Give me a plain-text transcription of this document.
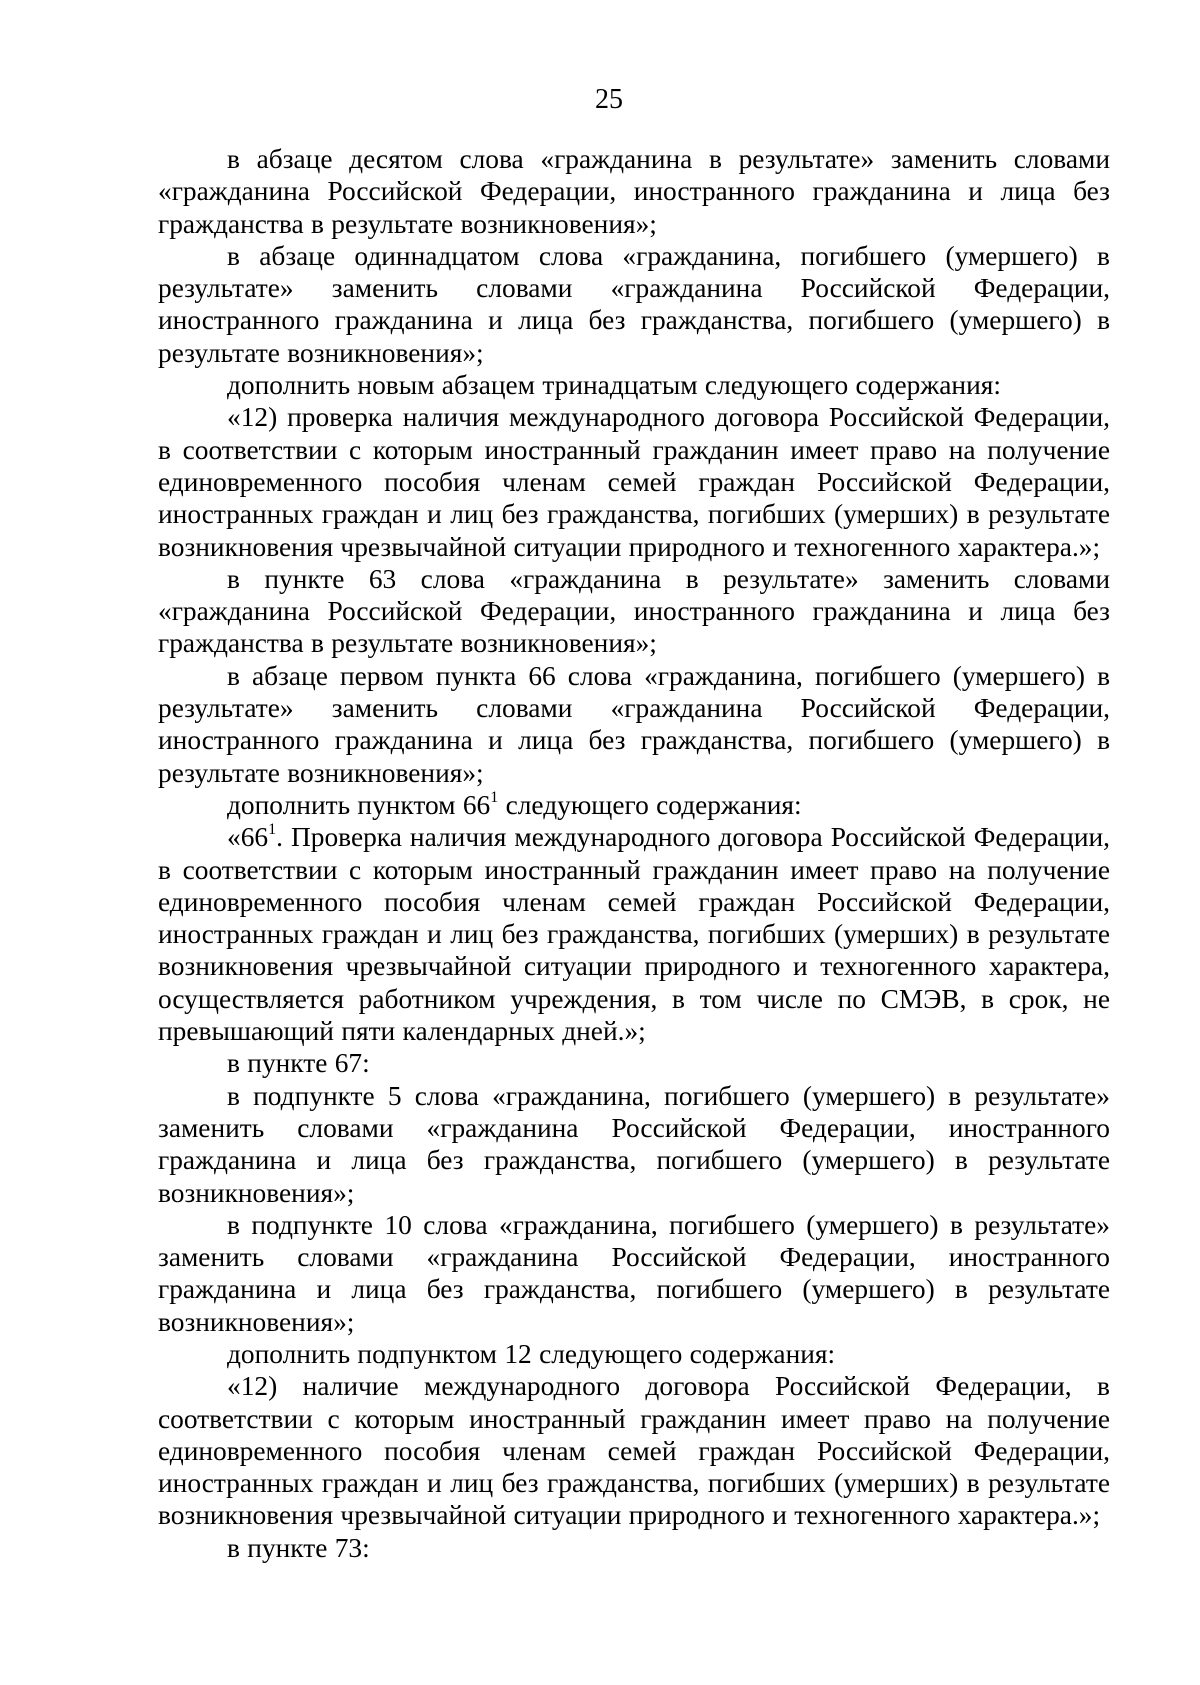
25

в абзаце десятом слова «гражданина в результате» заменить словами «гражданина Российской Федерации, иностранного гражданина и лица без гражданства в результате возникновения»;

в абзаце одиннадцатом слова «гражданина, погибшего (умершего) в результате» заменить словами «гражданина Российской Федерации, иностранного гражданина и лица без гражданства, погибшего (умершего) в результате возникновения»;

дополнить новым абзацем тринадцатым следующего содержания:

«12) проверка наличия международного договора Российской Федерации, в соответствии с которым иностранный гражданин имеет право на получение единовременного пособия членам семей граждан Российской Федерации, иностранных граждан и лиц без гражданства, погибших (умерших) в результате возникновения чрезвычайной ситуации природного и техногенного характера.»;

в пункте 63 слова «гражданина в результате» заменить словами «гражданина Российской Федерации, иностранного гражданина и лица без гражданства в результате возникновения»;

в абзаце первом пункта 66 слова «гражданина, погибшего (умершего) в результате» заменить словами «гражданина Российской Федерации, иностранного гражданина и лица без гражданства, погибшего (умершего) в результате возникновения»;

дополнить пунктом $66^1$ следующего содержания:

«$66^1$. Проверка наличия международного договора Российской Федерации, в соответствии с которым иностранный гражданин имеет право на получение единовременного пособия членам семей граждан Российской Федерации, иностранных граждан и лиц без гражданства, погибших (умерших) в результате возникновения чрезвычайной ситуации природного и техногенного характера, осуществляется работником учреждения, в том числе по СМЭВ, в срок, не превышающий пяти календарных дней.»;

в пункте 67:

в подпункте 5 слова «гражданина, погибшего (умершего) в результате» заменить словами «гражданина Российской Федерации, иностранного гражданина и лица без гражданства, погибшего (умершего) в результате возникновения»;

в подпункте 10 слова «гражданина, погибшего (умершего) в результате» заменить словами «гражданина Российской Федерации, иностранного гражданина и лица без гражданства, погибшего (умершего) в результате возникновения»;

дополнить подпунктом 12 следующего содержания:

«12) наличие международного договора Российской Федерации, в соответствии с которым иностранный гражданин имеет право на получение единовременного пособия членам семей граждан Российской Федерации, иностранных граждан и лиц без гражданства, погибших (умерших) в результате возникновения чрезвычайной ситуации природного и техногенного характера.»;

в пункте 73:
